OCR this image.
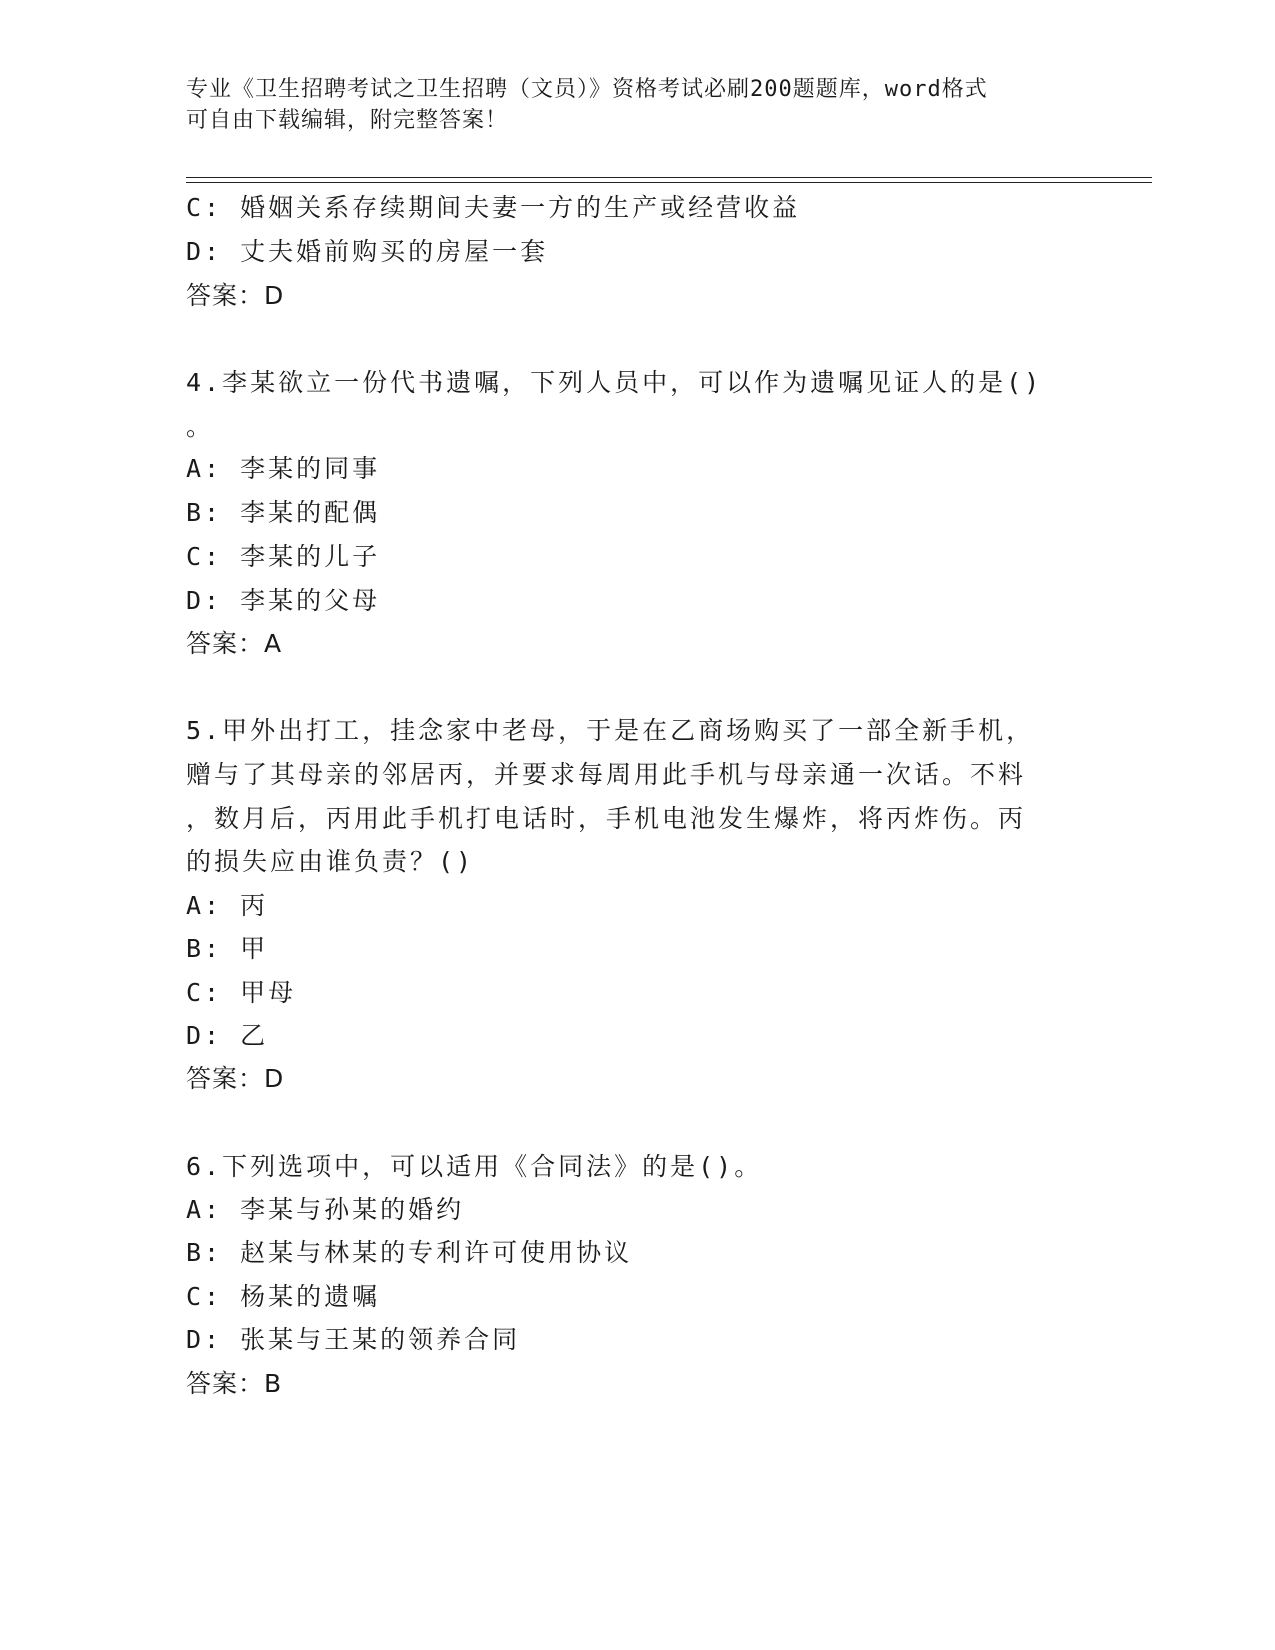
专业《卫生招聘考试之卫生招聘（文员）》资格考试必刷200题题库，word格式
可自由下载编辑，附完整答案！
C: 婚姻关系存续期间夫妻一方的生产或经营收益
D: 丈夫婚前购买的房屋一套
答案：D
4.李某欲立一份代书遗嘱，下列人员中，可以作为遗嘱见证人的是()
。
A: 李某的同事
B: 李某的配偶
C: 李某的儿子
D: 李某的父母
答案：A
5.甲外出打工，挂念家中老母，于是在乙商场购买了一部全新手机，
赠与了其母亲的邻居丙，并要求每周用此手机与母亲通一次话。不料
，数月后，丙用此手机打电话时，手机电池发生爆炸，将丙炸伤。丙
的损失应由谁负责？()
A: 丙
B: 甲
C: 甲母
D: 乙
答案：D
6.下列选项中，可以适用《合同法》的是()。
A: 李某与孙某的婚约
B: 赵某与林某的专利许可使用协议
C: 杨某的遗嘱
D: 张某与王某的领养合同
答案：B
